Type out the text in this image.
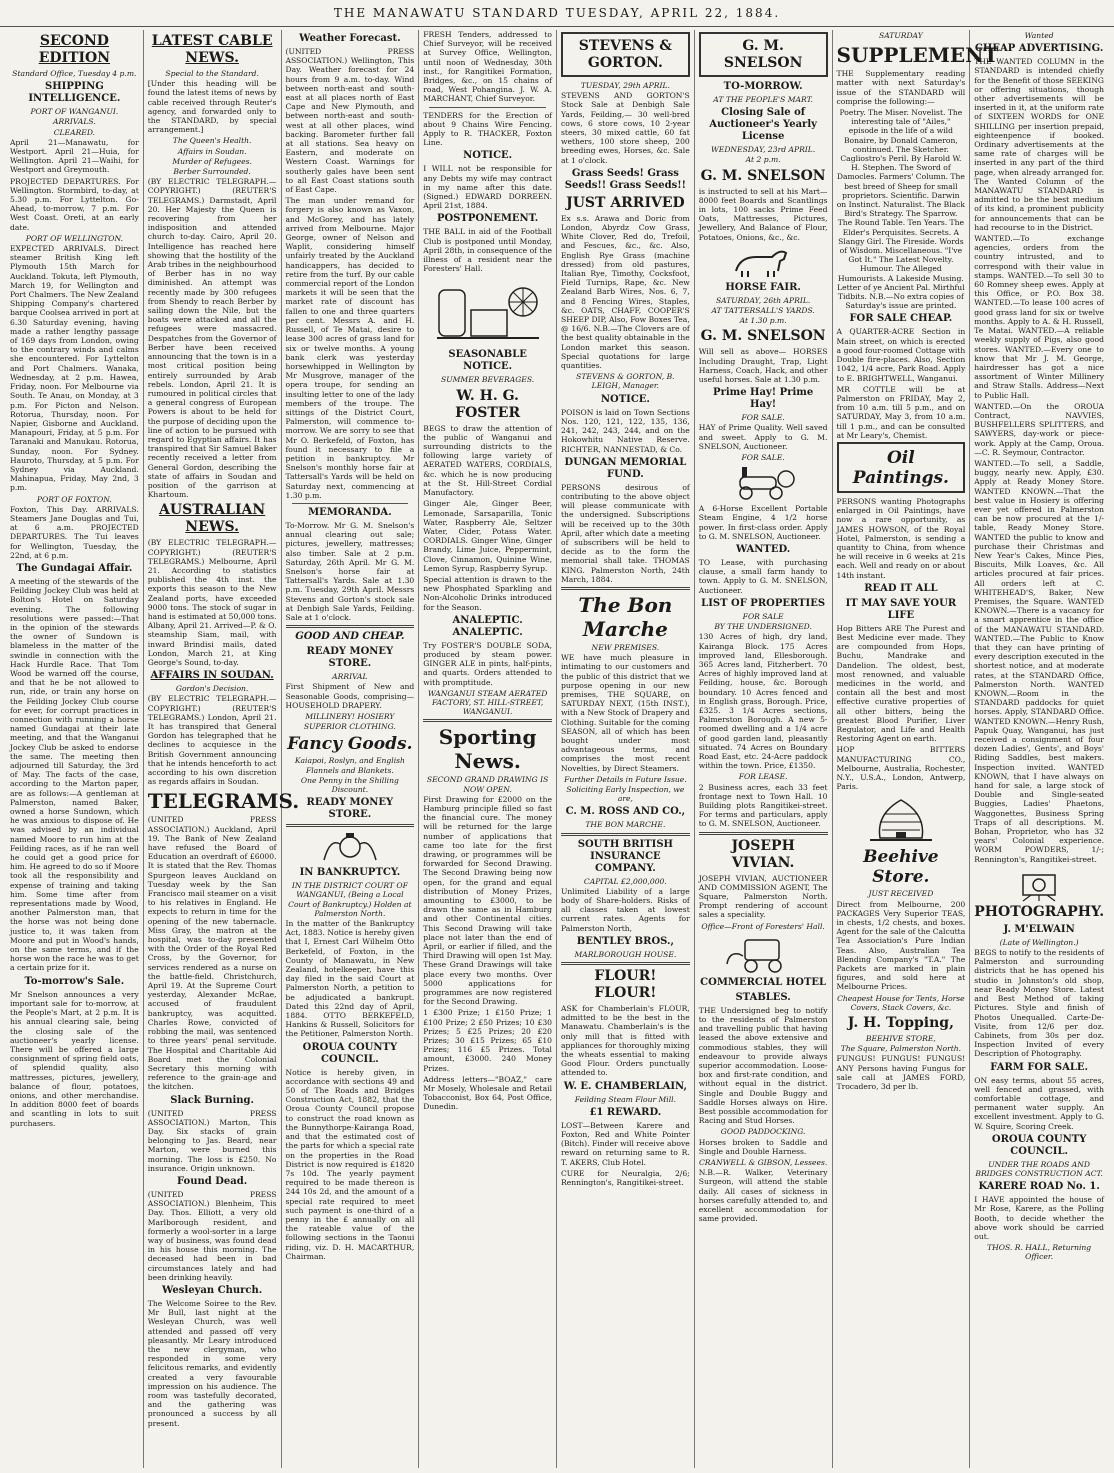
THE MANAWATU STANDARD TUESDAY, APRIL 22, 1884.
SECOND EDITION
Standard Office, Tuesday 4 p.m.
SHIPPING INTELLIGENCE.
PORT OF WANGANUI.
ARRIVALS.
CLEARED.

April 21—Manawatu, for Westport. April 21—Huia, for Wellington. April 21—Waihi, for Westport and Greymouth.

PROJECTED DEPARTURES. For Wellington. Stormbird, to-day, at 5.30 p.m. For Lyttelton. Go-Ahead, to-morrow, 7 p.m. For West Coast. Oreti, at an early date.

PORT OF WELLINGTON.

EXPECTED ARRIVALS. Direct steamer British King left Plymouth 15th March for Auckland. Tokuta, left Plymouth, March 19, for Wellington and Port Chalmers. The New Zealand Shipping Company's chartered barque Coolsea arrived in port at 6.30 Saturday evening, having made a rather lengthy passage of 169 days from London, owing to the contrary winds and calms she encountered. For Lyttelton and Port Chalmers. Wanaka, Wednesday, at 2 p.m. Hawea, Friday, noon. For Melbourne via South. Te Anau, on Monday, at 3 p.m. For Picton and Nelson. Rotorua, Thursday, noon. For Napier, Gisborne and Auckland. Manapouri, Friday, at 5 p.m. For Taranaki and Manukau. Rotorua, Sunday, noon. For Sydney. Hauroto, Thursday, at 5 p.m. For Sydney via Auckland. Mahinapua, Friday, May 2nd, 3 p.m.

PORT OF FOXTON.

Foxton, This Day. ARRIVALS. Steamers Jane Douglas and Tui, at 6 a.m. PROJECTED DEPARTURES. The Tui leaves for Wellington, Tuesday, the 22nd, at 6 p.m.

The Gundagai Affair.

A meeting of the stewards of the Feilding Jockey Club was held at Bolton's Hotel on Saturday evening. The following resolutions were passed:—That in the opinion of the stewards the owner of Sundown is blameless in the matter of the swindle in connection with the Hack Hurdle Race. That Tom Wood be warned off the course, and that he be not allowed to run, ride, or train any horse on the Feilding Jockey Club course for ever, for corrupt practices in connection with running a horse named Gundagai at their late meeting, and that the Wanganui Jockey Club be asked to endorse the same. The meeting then adjourned till Saturday, the 3rd of May. The facts of the case, according to the Marton paper, are as follows:—A gentleman at Palmerston, named Baker, owned a horse Sundown, which he was anxious to dispose of. He was advised by an individual named Moore to run him at the Feilding races, as if he ran well he could get a good price for him. He agreed to do so if Moore took all the responsibility and expense of training and taking him. Some time after from representations made by Wood, another Palmerston man, that the horse was not being done justice to, it was taken from Moore and put in Wood's hands, on the same terms, and if the horse won the race he was to get a certain prize for it.

To-morrow's Sale.

Mr Snelson announces a very important sale for to-morrow, at the People's Mart, at 2 p.m. It is his annual clearing sale, being the closing sale of the auctioneer's yearly license. There will be offered a large consignment of spring field oats, of splendid quality, also mattresses, pictures, jewellery, balance of flour, potatoes, onions, and other merchandise. In addition 8000 feet of boards and scantling in lots to suit purchasers.

LATEST CABLE NEWS.
Special to the Standard.

[Under this heading will be found the latest items of news by cable received through Reuter's agency, and forwarded only to the STANDARD, by special arrangement.]

The Queen's Health.
Affairs in Soudan.
Murder of Refugees.
Berber Surrounded.

(BY ELECTRIC TELEGRAPH.—COPYRIGHT.) (REUTER'S TELEGRAMS.) Darmstadt, April 20. Her Majesty the Queen is recovering from her indisposition and attended church to-day. Cairo, April 20. Intelligence has reached here showing that the hostility of the Arab tribes in the neighbourhood of Berber has in no way diminished. An attempt was recently made by 300 refugees from Shendy to reach Berber by sailing down the Nile, but the boats were attacked and all the refugees were massacred. Despatches from the Governor of Berber have been received announcing that the town is in a most critical position being entirely surrounded by Arab rebels. London, April 21. It is rumoured in political circles that a general congress of European Powers is about to be held for the purpose of deciding upon the line of action to be pursued with regard to Egyptian affairs. It has transpired that Sir Samuel Baker recently received a letter from General Gordon, describing the state of affairs in Soudan and position of the garrison at Khartoum.

AUSTRALIAN NEWS.

(BY ELECTRIC TELEGRAPH.—COPYRIGHT.) (REUTER'S TELEGRAMS.) Melbourne, April 21. According to statistics published the 4th inst. the exports this season to the New Zealand ports, have exceeded 9000 tons. The stock of sugar in hand is estimated at 50,000 tons. Albany, April 21. Arrived—P. & O. steamship Siam, mail, with inward Brindisi mails, dated London, March 21, at King George's Sound, to-day.

AFFAIRS IN SOUDAN.
Gordon's Decision.

(BY ELECTRIC TELEGRAPH.—COPYRIGHT.) (REUTER'S TELEGRAMS.) London, April 21. It has transpired that General Gordon has telegraphed that he declines to acquiesce in the British Government announcing that he intends henceforth to act according to his own discretion as regards affairs in Soudan.

TELEGRAMS.

(UNITED PRESS ASSOCIATION.) Auckland, April 19. The Bank of New Zealand have refused the Board of Education an overdraft of £6000. It is stated that the Rev. Thomas Spurgeon leaves Auckland on Tuesday week by the San Francisco mail steamer on a visit to his relatives in England. He expects to return in time for the opening of the new tabernacle. Miss Gray, the matron at the hospital, was to-day presented with the Order of the Royal Red Cross, by the Governor, for services rendered as a nurse on the battle-field. Christchurch, April 19. At the Supreme Court yesterday, Alexander McRae, accused of fraudulent bankruptcy, was acquitted. Charles Rowe, convicted of robbing the mail, was sentenced to three years' penal servitude. The Hospital and Charitable Aid Board met the Colonial Secretary this morning with reference to the grain-age and the kitchen.

Slack Burning.

(UNITED PRESS ASSOCIATION.) Marton, This Day. Six stacks of grain belonging to Jas. Beard, near Marton, were burned this morning. The loss is £250. No insurance. Origin unknown.

Found Dead.

(UNITED PRESS ASSOCIATION.) Blenheim, This Day. Thos. Elliott, a very old Marlborough resident, and formerly a wool-sorter in a large way of business, was found dead in his house this morning. The deceased had been in bad circumstances lately and had been drinking heavily.

Wesleyan Church.

The Welcome Soiree to the Rev. Mr Bull, last night at the Wesleyan Church, was well attended and passed off very pleasantly. Mr Leary introduced the new clergyman, who responded in some very felicitous remarks, and evidently created a very favourable impression on his audience. The room was tastefully decorated, and the gathering was pronounced a success by all present.

Weather Forecast.

(UNITED PRESS ASSOCIATION.) Wellington, This Day. Weather forecast for 24 hours from 9 a.m. to-day. Wind between north-east and south-east at all places north of East Cape and New Plymouth, and between north-east and south-west at all other places, wind backing. Barometer further fall at all stations. Sea heavy on Eastern, and moderate on Western Coast. Warnings for southerly gales have been sent to all East Coast stations south of East Cape.

The man under remand for forgery is also known as Vaxon, and McGorey, and has lately arrived from Melbourne. Major George, owner of Nelson and Waplit, considering himself unfairly treated by the Auckland handicappers, has decided to retire from the turf. By our cable commercial report of the London markets it will be seen that the market rate of discount has fallen to one and three quarters per cent. Messrs A. and H. Russell, of Te Matai, desire to lease 300 acres of grass land for six or twelve months. A young bank clerk was yesterday horsewhipped in Wellington by Mr Musgrove, manager of the opera troupe, for sending an insulting letter to one of the lady members of the troupe. The sittings of the District Court, Palmerston, will commence to-morrow. We are sorry to see that Mr O. Berkefeld, of Foxton, has found it necessary to file a petition in bankruptcy. Mr Snelson's monthly horse fair at Tattersall's Yards will be held on Saturday next, commencing at 1.30 p.m.

MEMORANDA.

To-Morrow. Mr G. M. Snelson's annual clearing out sale; pictures, jewellery, mattresses; also timber. Sale at 2 p.m. Saturday, 26th April. Mr G. M. Snelson's horse fair at Tattersall's Yards. Sale at 1.30 p.m. Tuesday, 29th April. Messrs Stevens and Gorton's stock sale at Denbigh Sale Yards, Feilding. Sale at 1 o'clock.

GOOD AND CHEAP.
READY MONEY STORE.
ARRIVAL

First Shipment of New and Seasonable Goods, comprising— HOUSEHOLD DRAPERY.

MILLINERY! HOSIERY
SUPERIOR CLOTHING.
Fancy Goods.
Kaiapoi, Roslyn, and English Flannels and Blankets.
One Penny in the Shilling Discount.
READY MONEY STORE.
IN BANKRUPTCY.
IN THE DISTRICT COURT OF WANGANUI, (Being a Local Court of Bankruptcy.) Holden at Palmerston North.

In the matter of the Bankruptcy Act, 1883. Notice is hereby given that I, Ernest Carl Wilhelm Otto Berkefeld, of Foxton, in the County of Manawatu, in New Zealand, hotelkeeper, have this day filed in the said Court at Palmerston North, a petition to be adjudicated a bankrupt. Dated this 22nd day of April, 1884. OTTO BERKEFELD, Hankins & Russell, Solicitors for the Petitioner, Palmerston North.

OROUA COUNTY COUNCIL.

Notice is hereby given, in accordance with sections 49 and 50 of The Roads and Bridges Construction Act, 1882, that the Oroua County Council propose to construct the road known as the Bunnythorpe-Kairanga Road, and that the estimated cost of the parts for which a special rate on the properties in the Road District is now required is £1820 7s 10d. The yearly payment required to be made thereon is 244 10s 2d, and the amount of a special rate required to meet such payment is one-third of a penny in the £ annually on all the rateable value of the following sections in the Taonui riding, viz. D. H. MACARTHUR, Chairman.

FRESH Tenders, addressed to Chief Surveyor, will be received at Survey Office, Wellington, until noon of Wednesday, 30th inst., for Rangitikei Formation, Bridges, &c., on 15 chains of road, West Pohangina. J. W. A. MARCHANT, Chief Surveyor.

TENDERS for the Erection of about 9 Chains Wire Fencing. Apply to R. THACKER, Foxton Line.

NOTICE.

I WILL not be responsible for any Debts my wife may contract in my name after this date. (Signed.) EDWARD DORREEN. April 21st, 1884.

POSTPONEMENT.

THE BALL in aid of the Football Club is postponed until Monday, April 28th, in consequence of the illness of a resident near the Foresters' Hall.

SEASONABLE NOTICE.
SUMMER BEVERAGES.
W. H. G. FOSTER

BEGS to draw the attention of the public of Wanganui and surrounding districts to the following large variety of AERATED WATERS, CORDIALS, &c. which he is now producing at the St. Hill-Street Cordial Manufactory.

Ginger Ale, Ginger Beer, Lemonade, Sarsaparilla, Tonic Water, Raspberry Ale, Seltzer Water, Cider, Potass Water. CORDIALS. Ginger Wine, Ginger Brandy, Lime Juice, Peppermint, Clove, Cinnamon, Quinine Wine, Lemon Syrup, Raspberry Syrup.

Special attention is drawn to the new Phosphated Sparkling and Non-Alcoholic Drinks introduced for the Season.

ANALEPTIC. ANALEPTIC.

Try FOSTER'S DOUBLE SODA, produced by steam power. GINGER ALE in pints, half-pints, and quarts. Orders attended to with promptitude.

WANGANUI STEAM AERATED FACTORY, ST. HILL-STREET, WANGANUI.
Sporting News.
SECOND GRAND DRAWING IS NOW OPEN.

First Drawing for £2000 on the Hamburg principle filled so fast the financial cure. The money will be returned for the large number of applications that came too late for the first drawing, or programmes will be forwarded for Second Drawing. The Second Drawing being now open, for the grand and equal distribution of Money Prizes, amounting to £3000, to be drawn the same as in Hamburg and other Continental cities. This Second Drawing will take place not later than the end of April, or earlier if filled, and the Third Drawing will open 1st May. These Grand Drawings will take place every two months. Over 5000 applications for programmes are now registered for the Second Drawing.

1 £300 Prize; 1 £150 Prize; 1 £100 Prize; 2 £50 Prizes; 10 £30 Prizes; 5 £25 Prizes; 20 £20 Prizes; 30 £15 Prizes; 65 £10 Prizes; 116 £5 Prizes. Total amount, £3000. 240 Money Prizes.

Address letters—"BOAZ," care Mr Mosely, Wholesale and Retail Tobacconist, Box 64, Post Office, Dunedin.

STEVENS & GORTON.
TUESDAY, 29th APRIL.

STEVENS AND GORTON'S Stock Sale at Denbigh Sale Yards, Feilding,— 30 well-bred cows, 6 store cows, 10 2-year steers, 30 mixed cattle, 60 fat wethers, 100 store sheep, 200 breeding ewes, Horses, &c. Sale at 1 o'clock.

Grass Seeds! Grass Seeds!! Grass Seeds!!
JUST ARRIVED

Ex s.s. Arawa and Doric from London, Abyrdz Cow Grass, White Clover, Red do, Trefoil, and Fescues, &c., &c. Also, English Rye Grass (machine dressed) from old pastures, Italian Rye, Timothy, Cocksfoot, Field Turnips, Rape, &c. New Zealand Barb Wires, Nos. 6, 7, and 8 Fencing Wires, Staples, &c. OATS, CHAFF, COOPER'S SHEEP DIP, Also, Fow Boxes Tea, @ 16/6. N.B.—The Clovers are of the best quality obtainable in the London market this season. Special quotations for large quantities.

STEVENS & GORTON, B. LEIGH, Manager.
NOTICE.

POISON is laid on Town Sections Nos. 120, 121, 122, 135, 136, 241, 242, 243, 244, and on the Hokowhitu Native Reserve. RICHTER, NANNESTAD, & Co.

DUNGAN MEMORIAL FUND.

PERSONS desirous of contributing to the above object will please communicate with the undersigned. Subscriptions will be received up to the 30th April, after which date a meeting of subscribers will be held to decide as to the form the memorial shall take. THOMAS KING. Palmerston North, 24th March, 1884.

The Bon Marche
NEW PREMISES.

WE have much pleasure in intimating to our customers and the public of this district that we purpose opening in our new premises, THE SQUARE, on SATURDAY NEXT, (15th INST.), with a New Stock of Drapery and Clothing. Suitable for the coming SEASON, all of which has been bought under most advantageous terms, and comprises the most recent Novelties, by Direct Steamers.

Further Details in Future Issue.
Soliciting Early Inspection, we are,
C. M. ROSS AND CO.,
THE BON MARCHE.
SOUTH BRITISH INSURANCE COMPANY.
CAPITAL £2,000,000.

Unlimited Liability of a large body of Share-holders. Risks of all classes taken at lowest current rates. Agents for Palmerston North,

BENTLEY BROS.,
MARLBOROUGH HOUSE.
FLOUR! FLOUR!

ASK for Chamberlain's FLOUR, admitted to be the best in the Manawatu. Chamberlain's is the only mill that is fitted with appliances for thoroughly mixing the wheats essential to making Good Flour. Orders punctually attended to.

W. E. CHAMBERLAIN,
Feilding Steam Flour Mill.
£1 REWARD.

LOST—Between Karere and Foxton, Red and White Pointer (Bitch). Finder will receive above reward on returning same to R. T. AKERS, Club Hotel.

CURE for Neuralgia, 2/6; Rennington's, Rangitikei-street.

G. M. SNELSON
TO-MORROW.
AT THE PEOPLE'S MART.
Closing Sale of Auctioneer's Yearly License
WEDNESDAY, 23rd APRIL.
At 2 p.m.
G. M. SNELSON

is instructed to sell at his Mart— 8000 feet Boards and Scantlings in lots, 100 sacks Prime Feed Oats, Mattresses, Pictures, Jewellery, And Balance of Flour, Potatoes, Onions, &c., &c.

HORSE FAIR.
SATURDAY, 26th APRIL.
AT TATTERSALL'S YARDS.
At 1.30 p.m.
G. M. SNELSON

Will sell as above— HORSES Including Draught, Trap, Light Harness, Coach, Hack, and other useful horses. Sale at 1.30 p.m.

Prime Hay! Prime Hay!
FOR SALE.

HAY of Prime Quality. Well saved and sweet. Apply to G. M. SNELSON, Auctioneer.

FOR SALE.

A 6-Horse Excellent Portable Steam Engine, 4 1/2 horse power. In first-class order. Apply to G. M. SNELSON, Auctioneer.

WANTED.

TO Lease, with purchasing clause, a small farm handy to town. Apply to G. M. SNELSON, Auctioneer.

LIST OF PROPERTIES
FOR SALE
BY THE UNDERSIGNED.

130 Acres of high, dry land, Kairanga Block. 175 Acres improved land, Ellesborough. 365 Acres land, Fitzherbert. 70 Acres of highly improved land at Feilding, house, &c. Borough boundary. 10 Acres fenced and in English grass, Borough. Price, £325. 3 1/4 Acres sections, Palmerston Borough. A new 5-roomed dwelling and a 1/4 acre of good garden land, pleasantly situated. 74 Acres on Boundary Road East, etc. 24-Acre paddock within the town. Price, £1350.

FOR LEASE.

2 Business acres, each 33 feet frontage next to Town Hall. 10 Building plots Rangitikei-street. For terms and particulars, apply to G. M. SNELSON, Auctioneer.

JOSEPH VIVIAN.

JOSEPH VIVIAN, AUCTIONEER AND COMMISSION AGENT, The Square, Palmerston North. Prompt rendering of account sales a speciality.

Office—Front of Foresters' Hall.
COMMERCIAL HOTEL
STABLES.

THE Undersigned beg to notify to the residents of Palmerston and travelling public that having leased the above extensive and commodious stables, they will endeavour to provide always superior accommodation. Loose-box and first-rate condition, and without equal in the district. Single and Double Buggy and Saddle Horses always on Hire. Best possible accommodation for Racing and Stud Horses.

GOOD PADDOCKING.

Horses broken to Saddle and Single and Double Harness.

CRANWELL & GIBSON, Lessees.

N.B.—R. Walker, Veterinary Surgeon, will attend the stable daily. All cases of sickness in horses carefully attended to, and excellent accommodation for same provided.

SATURDAY
SUPPLEMENT

THE Supplementary reading matter with next Saturday's issue of the STANDARD will comprise the following:—

Poetry. The Miser. Novelist. The interesting tale of "Ailes," episode in the life of a wild Bonaire, by Donald Cameron, continued. The Sketcher. Cagliostro's Peril. By Harold W. H. Stephen. The Sword of Damocles. Farmers' Column. The best breed of Sheep for small proprietors. Scientific. Darwin on Instinct. Naturalist. The Black Bird's Strategy. The Sparrow. The Round Table. Ten Years. The Elder's Perquisites. Secrets. A Slangy Girl. The Fireside. Words of Wisdom. Miscellaneous. "I've Got It." The Latest Novelty. Humour. The Alleged Humourists. A Lakeside Musing. Letter of ye Ancient Pal. Mirthful Tidbits. N.B.—No extra copies of Saturday's issue are printed.

FOR SALE CHEAP.

A QUARTER-ACRE Section in Main street, on which is erected a good four-roomed Cottage with Double fire-places. Also, Section 1042, 1/4 acre, Park Road. Apply to E. BRIGHTWELL, Wanganui.

MR COTTLE will be at Palmerston on FRIDAY, May 2, from 10 a.m. till 5 p.m., and on SATURDAY, May 3, from 10 a.m. till 1 p.m., and can be consulted at Mr Leary's, Chemist.

Oil Paintings.

PERSONS wanting Photographs enlarged in Oil Paintings, have now a rare opportunity, as JAMES HOWSON, of the Royal Hotel, Palmerston, is sending a quantity to China, from whence he will receive in 6 weeks at 21s each. Well and ready on or about 14th instant.

READ IT ALL
IT MAY SAVE YOUR LIFE

Hop Bitters ARE The Purest and Best Medicine ever made. They are compounded from Hops, Buchu, Mandrake and Dandelion. The oldest, best, most renowned, and valuable medicines in the world, and contain all the best and most effective curative properties of all other bitters, being the greatest Blood Purifier, Liver Regulator, and Life and Health Restoring Agent on earth.

HOP BITTERS MANUFACTURING CO., Melbourne, Australia, Rochester, N.Y., U.S.A., London, Antwerp, Paris.

Beehive Store.
JUST RECEIVED

Direct from Melbourne, 200 PACKAGES Very Superior TEAS, in chests, 1/2 chests, and boxes. Agent for the sale of the Calcutta Tea Association's Pure Indian Teas. Also, Australian Tea Blending Company's "T.A." The Packets are marked in plain figures, and sold here at Melbourne Prices.

Cheapest House for Tents, Horse Covers, Stack Covers, &c.
J. H. Topping,
BEEHIVE STORE,
The Square, Palmerston North.

FUNGUS! FUNGUS! FUNGUS! ANY Persons having Fungus for sale call at JAMES FORD, Trocadero, 3d per lb.

Wanted
CHEAP ADVERTISING.

THE WANTED COLUMN in the STANDARD is intended chiefly for the Benefit of those SEEKING or offering situations, though other advertisements will be inserted in it, at the uniform rate of SIXTEEN WORDS for ONE SHILLING per insertion prepaid, eighteenpence if booked. Ordinary advertisements at the same rate of charges will be inserted in any part of the third page, when already arranged for. The Wanted Column of the MANAWATU STANDARD is admitted to be the best medium of its kind, a prominent publicity for announcements that can be had recourse to in the District.

WANTED.—To exchange agencies, orders from the country intrusted, and to correspond with their value in stamps. WANTED.—To sell 30 to 60 Romney sheep ewes. Apply at this Office, or P.O. Box 38. WANTED.—To lease 100 acres of good grass land for six or twelve months. Apply to A. & H. Russell, Te Matai. WANTED.—A reliable weekly supply of Pigs, also good stores. WANTED.—Every one to know that Mr J. M. George, hairdresser has got a nice assortment of Winter Millinery and Straw Stalls. Address—Next to Public Hall.

WANTED.—On the OROUA Contract, NAVVIES, BUSHFELLERS SPLITTERS, and SAWYERS, day-work or piece-work. Apply at the Camp, Oroua.—C. R. Seymour, Contractor.

WANTED.—To sell, a Saddle, buggy, nearly new. Apply, £30. Apply at Ready Money Store. WANTED KNOWN.—That the best value in Hosiery is offering ever yet offered in Palmerston can be now procured at the 1/- table, Ready Money Store. WANTED the public to know and purchase their Christmas and New Year's Cakes, Mince Pies, Biscuits, Milk Loaves, &c. All articles procured at fair prices. All orders left at C. WHITEHEAD'S, Baker, New Premises, the Square. WANTED KNOWN.—There is a vacancy for a smart apprentice in the office of the MANAWATU STANDARD. WANTED.—The Public to Know that they can have printing of every description executed in the shortest notice, and at moderate rates, at the STANDARD Office, Palmerston North. WANTED KNOWN.—Room in the STANDARD paddocks for quiet horses. Apply, STANDARD Office. WANTED KNOWN.—Henry Rush, Papuk Quay, Wanganui, has just received a consignment of four dozen Ladies', Gents', and Boys' Riding Saddles, best makers. Inspection invited. WANTED KNOWN, that I have always on hand for sale, a large stock of Double and Single-seated Buggies, Ladies' Phaetons, Waggonettes, Business Spring Traps of all descriptions. M. Bohan, Proprietor, who has 32 years' Colonial experience. WORM POWDERS, 1/-; Rennington's, Rangitikei-street.

PHOTOGRAPHY.
J. M'ELWAIN
(Late of Wellington.)

BEGS to notify to the residents of Palmerston and surrounding districts that he has opened his studio in Johnston's old shop, near Ready Money Store. Latest and Best Method of taking Pictures. Style and finish of Photos Unequalled. Carte-De-Visite, from 12/6 per doz. Cabinets, from 30s per doz. Inspection Invited of every Description of Photography.

FARM FOR SALE.

ON easy terms, about 55 acres, well fenced and grassed, with comfortable cottage, and permanent water supply. An excellent investment. Apply to G. W. Squire, Scoring Creek.

OROUA COUNTY COUNCIL.
UNDER THE ROADS AND BRIDGES CONSTRUCTION ACT.
KARERE ROAD No. 1.

I HAVE appointed the house of Mr Rose, Karere, as the Polling Booth, to decide whether the above work should be carried out.

THOS. R. HALL, Returning Officer.
